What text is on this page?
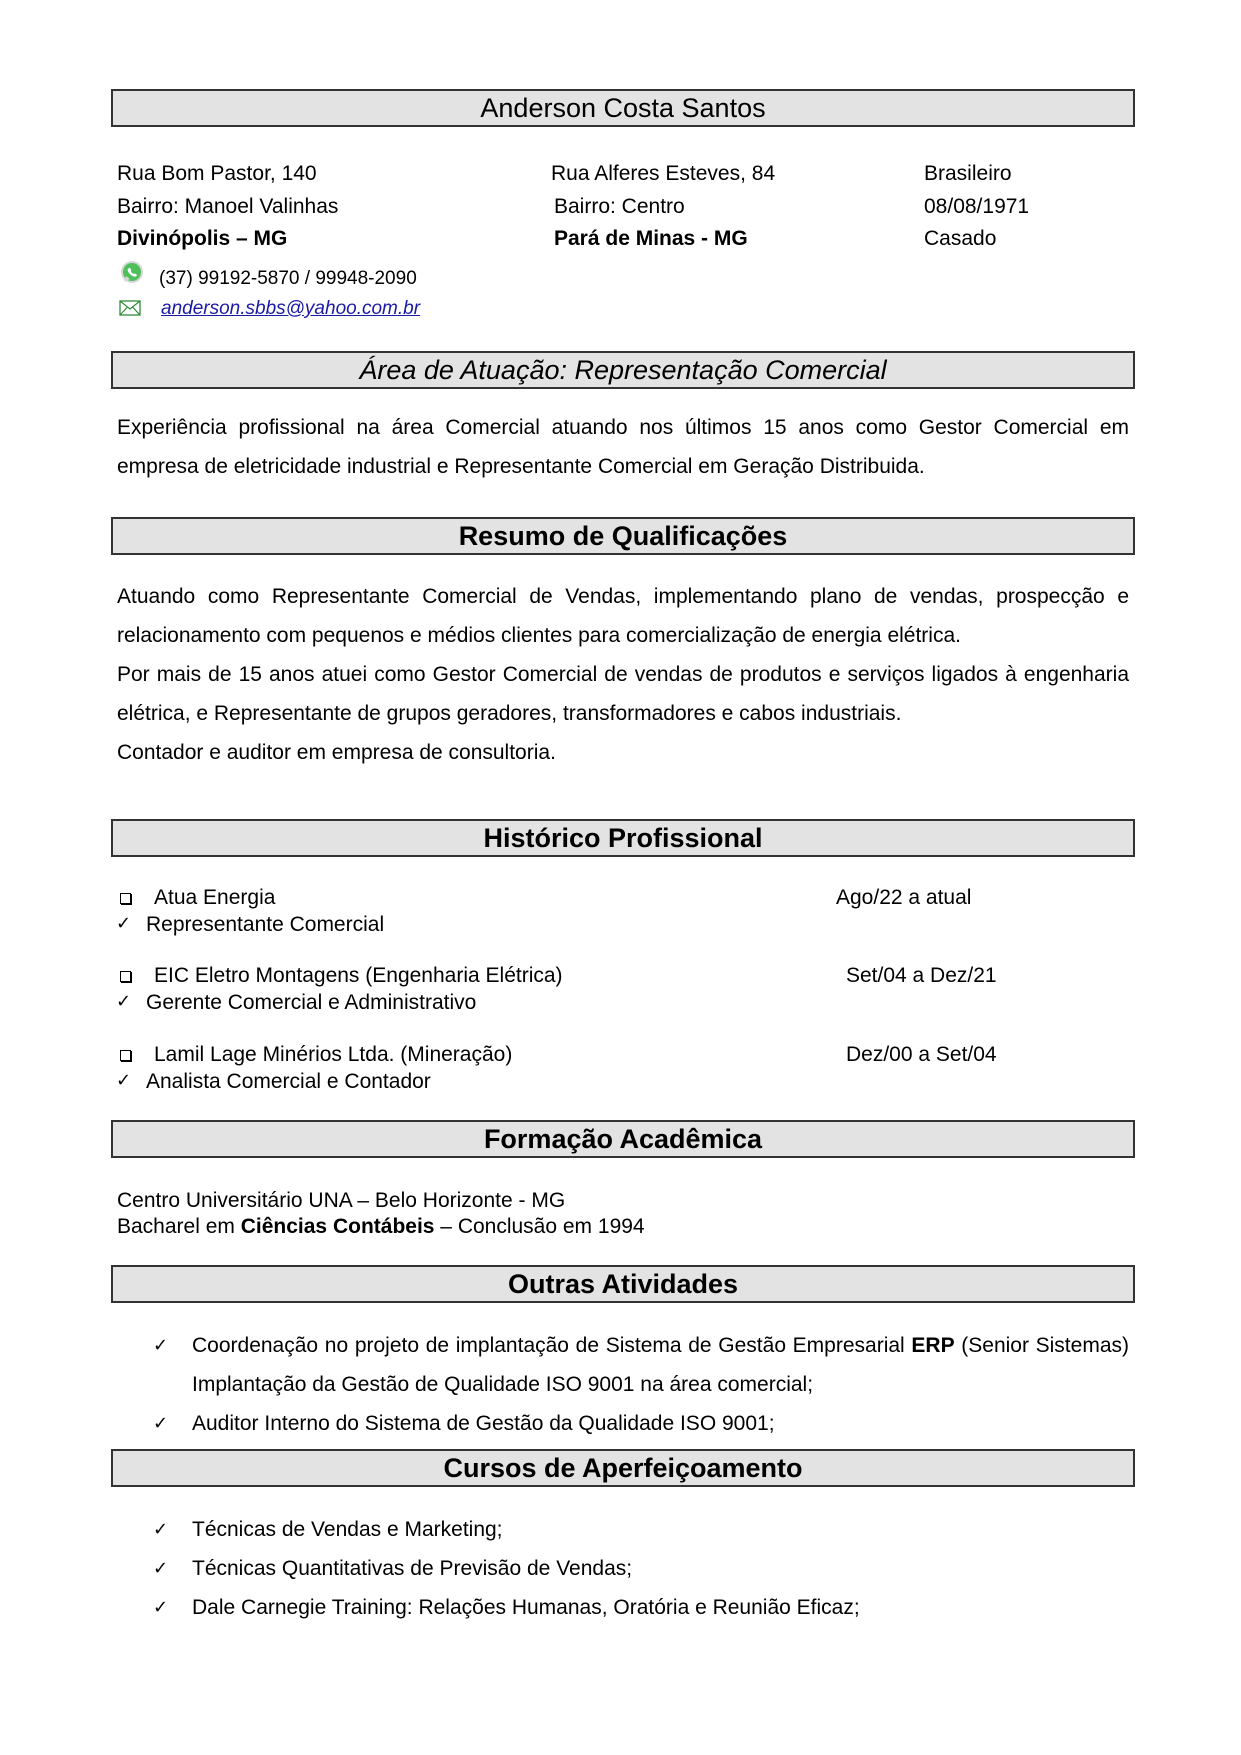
Anderson Costa Santos
Rua Bom Pastor, 140
Bairro: Manoel Valinhas
Divinópolis – MG
Rua Alferes Esteves, 84
Bairro: Centro
Pará de Minas - MG
Brasileiro
08/08/1971
Casado
(37) 99192-5870 / 99948-2090
anderson.sbbs@yahoo.com.br
Área de Atuação: Representação Comercial

Experiência profissional na área Comercial atuando nos últimos 15 anos como Gestor Comercial em empresa de eletricidade industrial e Representante Comercial em Geração Distribuida.

Resumo de Qualificações

Atuando como Representante Comercial de Vendas, implementando plano de vendas, prospecção e relacionamento com pequenos e médios clientes para comercialização de energia elétrica.

Por mais de 15 anos atuei como Gestor Comercial de vendas de produtos e serviços ligados à engenharia elétrica, e Representante de grupos geradores, transformadores e cabos industriais.

Contador e auditor em empresa de consultoria.

Histórico Profissional
Atua Energia	Ago/22 a atual
✓ Representante Comercial
EIC Eletro Montagens (Engenharia Elétrica)	Set/04 a Dez/21
✓ Gerente Comercial e Administrativo
Lamil Lage Minérios Ltda. (Mineração)	Dez/00 a Set/04
✓ Analista Comercial e Contador
Formação Acadêmica
Centro Universitário UNA – Belo Horizonte - MG
Bacharel em Ciências Contábeis – Conclusão em 1994
Outras Atividades
✓ Coordenação no projeto de implantação de Sistema de Gestão Empresarial ERP (Senior Sistemas) Implantação da Gestão de Qualidade ISO 9001 na área comercial;
✓ Auditor Interno do Sistema de Gestão da Qualidade ISO 9001;
Cursos de Aperfeiçoamento
✓ Técnicas de Vendas e Marketing;
✓ Técnicas Quantitativas de Previsão de Vendas;
✓ Dale Carnegie Training: Relações Humanas, Oratória e Reunião Eficaz;
